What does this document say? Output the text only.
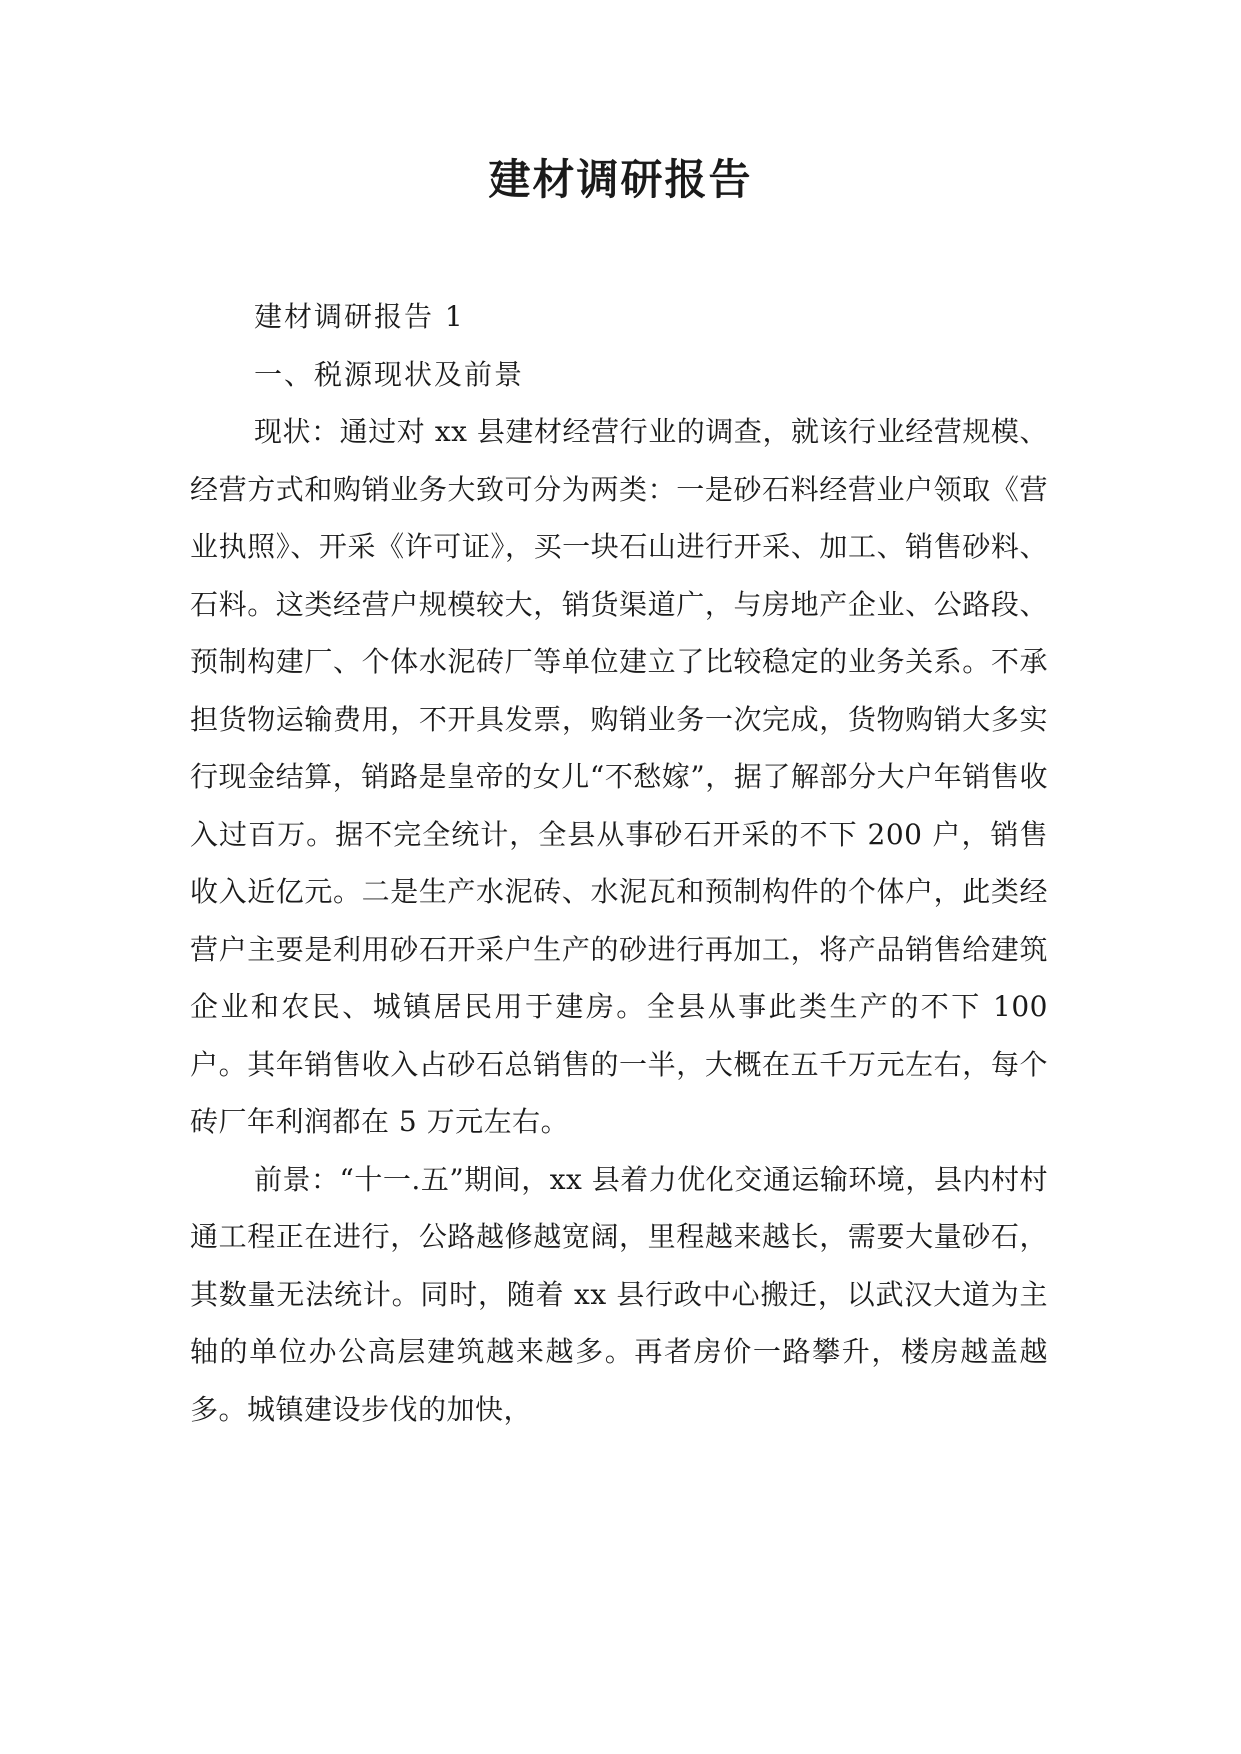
建材调研报告

建材调研报告 1

一、税源现状及前景

现状：通过对 xx 县建材经营行业的调查，就该行业经营规模、经营方式和购销业务大致可分为两类：一是砂石料经营业户领取《营业执照》、开采《许可证》，买一块石山进行开采、加工、销售砂料、石料。这类经营户规模较大，销货渠道广，与房地产企业、公路段、预制构建厂、个体水泥砖厂等单位建立了比较稳定的业务关系。不承担货物运输费用，不开具发票，购销业务一次完成，货物购销大多实行现金结算，销路是皇帝的女儿“不愁嫁”，据了解部分大户年销售收入过百万。据不完全统计，全县从事砂石开采的不下 200 户，销售收入近亿元。二是生产水泥砖、水泥瓦和预制构件的个体户，此类经营户主要是利用砂石开采户生产的砂进行再加工，将产品销售给建筑企业和农民、城镇居民用于建房。全县从事此类生产的不下 100 户。其年销售收入占砂石总销售的一半，大概在五千万元左右，每个砖厂年利润都在 5 万元左右。

前景：“十一.五”期间，xx 县着力优化交通运输环境，县内村村通工程正在进行，公路越修越宽阔，里程越来越长，需要大量砂石，其数量无法统计。同时，随着 xx 县行政中心搬迁，以武汉大道为主轴的单位办公高层建筑越来越多。再者房价一路攀升，楼房越盖越多。城镇建设步伐的加快，
